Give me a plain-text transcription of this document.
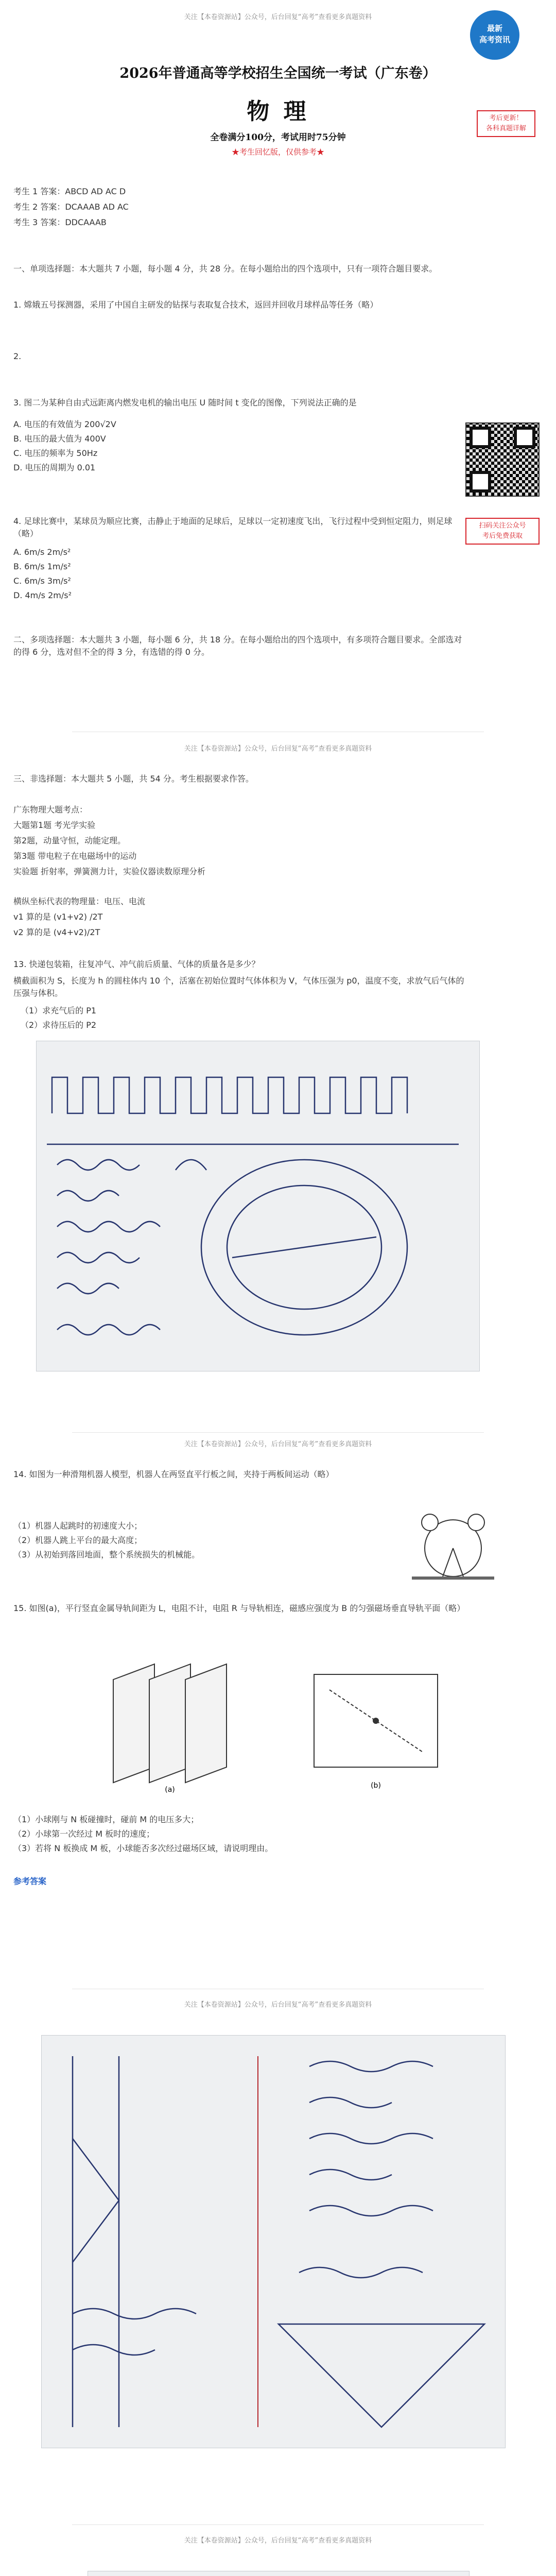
关注【本卷资源站】公众号，后台回复“高考”查看更多真题资料
最新
高考资讯
2026年普通高等学校招生全国统一考试（广东卷）
物 理
全卷满分100分，考试用时75分钟
★考生回忆版，仅供参考★
考后更新！
各科真题详解
考生 1 答案：ABCD AD AC D
考生 2 答案：DCAAAB AD AC
考生 3 答案：DDCAAAB
一、单项选择题：本大题共 7 小题，每小题 4 分，共 28 分。在每小题给出的四个选项中，只有一项符合题目要求。
1. 嫦娥五号探测器，采用了中国自主研发的钻探与表取复合技术，返回并回收月球样品等任务（略）
2.
3. 图二为某种自由式远距离内燃发电机的输出电压 U 随时间 t 变化的图像，下列说法正确的是
A. 电压的有效值为 200√2V
B. 电压的最大值为 400V
C. 电压的频率为 50Hz
D. 电压的周期为 0.01
扫码关注公众号
考后免费获取
4. 足球比赛中，某球员为顺应比赛，击静止于地面的足球后，足球以一定初速度飞出，飞行过程中受到恒定阻力，则足球（略）
A. 6m/s 2m/s²
B. 6m/s 1m/s²
C. 6m/s 3m/s²
D. 4m/s 2m/s²
二、多项选择题：本大题共 3 小题，每小题 6 分，共 18 分。在每小题给出的四个选项中，有多项符合题目要求。全部选对的得 6 分，选对但不全的得 3 分，有选错的得 0 分。
关注【本卷资源站】公众号，后台回复“高考”查看更多真题资料
三、非选择题：本大题共 5 小题，共 54 分。考生根据要求作答。
广东物理大题考点：
大题第1题 考光学实验
第2题，动量守恒，动能定理。
第3题 带电粒子在电磁场中的运动
实验题 折射率，弹簧测力计，实验仪器读数原理分析
横纵坐标代表的物理量：电压、电流
v1 算的是 (v1+v2) /2T
v2 算的是 (v4+v2)/2T
13. 快递包装箱，往复冲气、冲气前后质量、气体的质量各是多少？
横截面积为 S，长度为 h 的圆柱体内 10 个，活塞在初始位置时气体体积为 V，气体压强为 p0，温度不变，求放气后气体的压强与体积。
（1）求充气后的 P1
（2）求待压后的 P2
关注【本卷资源站】公众号，后台回复“高考”查看更多真题资料
14. 如图为一种滑翔机器人模型，机器人在两竖直平行板之间，夹持于两板间运动（略）
（1）机器人起跳时的初速度大小；
（2）机器人跳上平台的最大高度；
（3）从初始到落回地面，整个系统损失的机械能。
15. 如图(a)，平行竖直金属导轨间距为 L，电阻不计，电阻 R 与导轨相连，磁感应强度为 B 的匀强磁场垂直导轨平面（略）
(a)	(b)
（1）小球刚与 N 板碰撞时，碰前 M 的电压多大；
（2）小球第一次经过 M 板时的速度；
（3）若将 N 板换成 M 板，小球能否多次经过磁场区域，请说明理由。
参考答案
关注【本卷资源站】公众号，后台回复“高考”查看更多真题资料
关注【本卷资源站】公众号，后台回复“高考”查看更多真题资料
